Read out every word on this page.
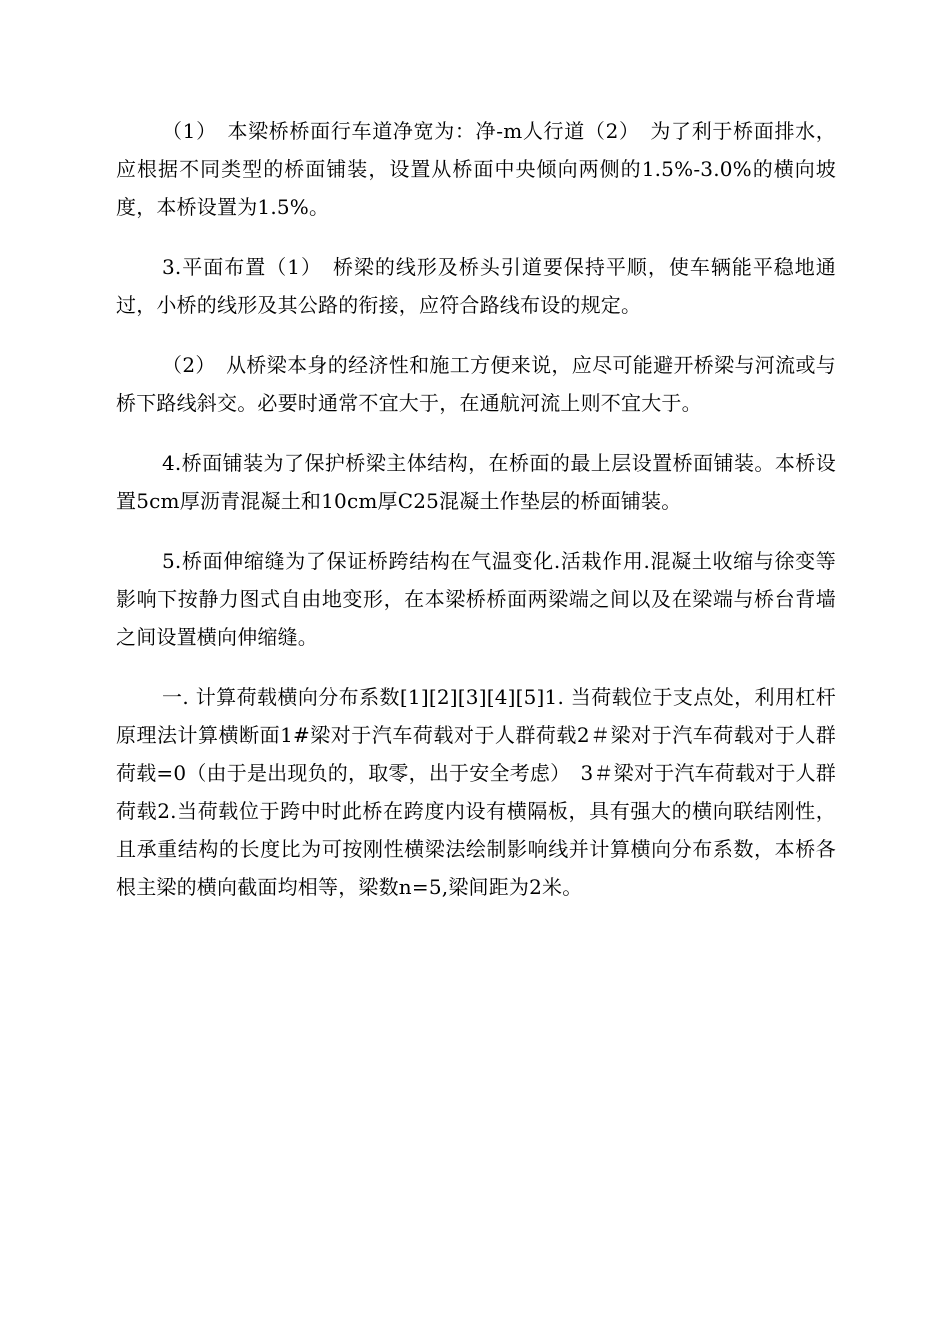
（1）　本梁桥桥面行车道净宽为：净-m人行道（2）　为了利于桥面排水，应根据不同类型的桥面铺装，设置从桥面中央倾向两侧的1.5%-3.0%的横向坡度，本桥设置为1.5%。

3.平面布置（1）　桥梁的线形及桥头引道要保持平顺，使车辆能平稳地通过，小桥的线形及其公路的衔接，应符合路线布设的规定。

（2）　从桥梁本身的经济性和施工方便来说，应尽可能避开桥梁与河流或与桥下路线斜交。必要时通常不宜大于，在通航河流上则不宜大于。

4.桥面铺装为了保护桥梁主体结构，在桥面的最上层设置桥面铺装。本桥设置5cm厚沥青混凝土和10cm厚C25混凝土作垫层的桥面铺装。

5.桥面伸缩缝为了保证桥跨结构在气温变化.活栽作用.混凝土收缩与徐变等影响下按静力图式自由地变形，在本梁桥桥面两梁端之间以及在梁端与桥台背墙之间设置横向伸缩缝。

一. 计算荷载横向分布系数[1][2][3][4][5]1. 当荷载位于支点处，利用杠杆原理法计算横断面1#梁对于汽车荷载对于人群荷载2＃梁对于汽车荷载对于人群荷载=0（由于是出现负的，取零，出于安全考虑）　3＃梁对于汽车荷载对于人群荷载2.当荷载位于跨中时此桥在跨度内设有横隔板，具有强大的横向联结刚性，且承重结构的长度比为可按刚性横梁法绘制影响线并计算横向分布系数，本桥各根主梁的横向截面均相等，梁数n=5,梁间距为2米。
